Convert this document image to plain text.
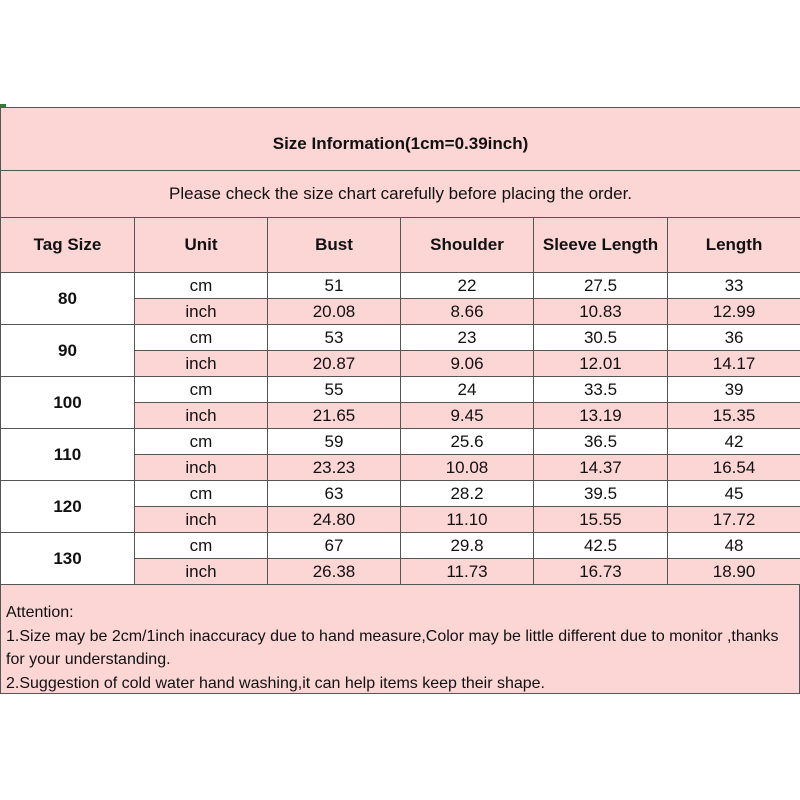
Size Information(1cm=0.39inch)					
Please check the size chart carefully before placing the order.					
Tag Size	Unit	Bust	Shoulder	Sleeve Length	Length
80	cm	51	22	27.5	33
	inch	20.08	8.66	10.83	12.99
90	cm	53	23	30.5	36
	inch	20.87	9.06	12.01	14.17
100	cm	55	24	33.5	39
	inch	21.65	9.45	13.19	15.35
110	cm	59	25.6	36.5	42
	inch	23.23	10.08	14.37	16.54
120	cm	63	28.2	39.5	45
	inch	24.80	11.10	15.55	17.72
130	cm	67	29.8	42.5	48
	inch	26.38	11.73	16.73	18.90
Attention:
1.Size may be 2cm/1inch inaccuracy due to hand measure,Color may be little different due to monitor ,thanks for your understanding.
2.Suggestion of cold water hand washing,it can help items keep their shape.
